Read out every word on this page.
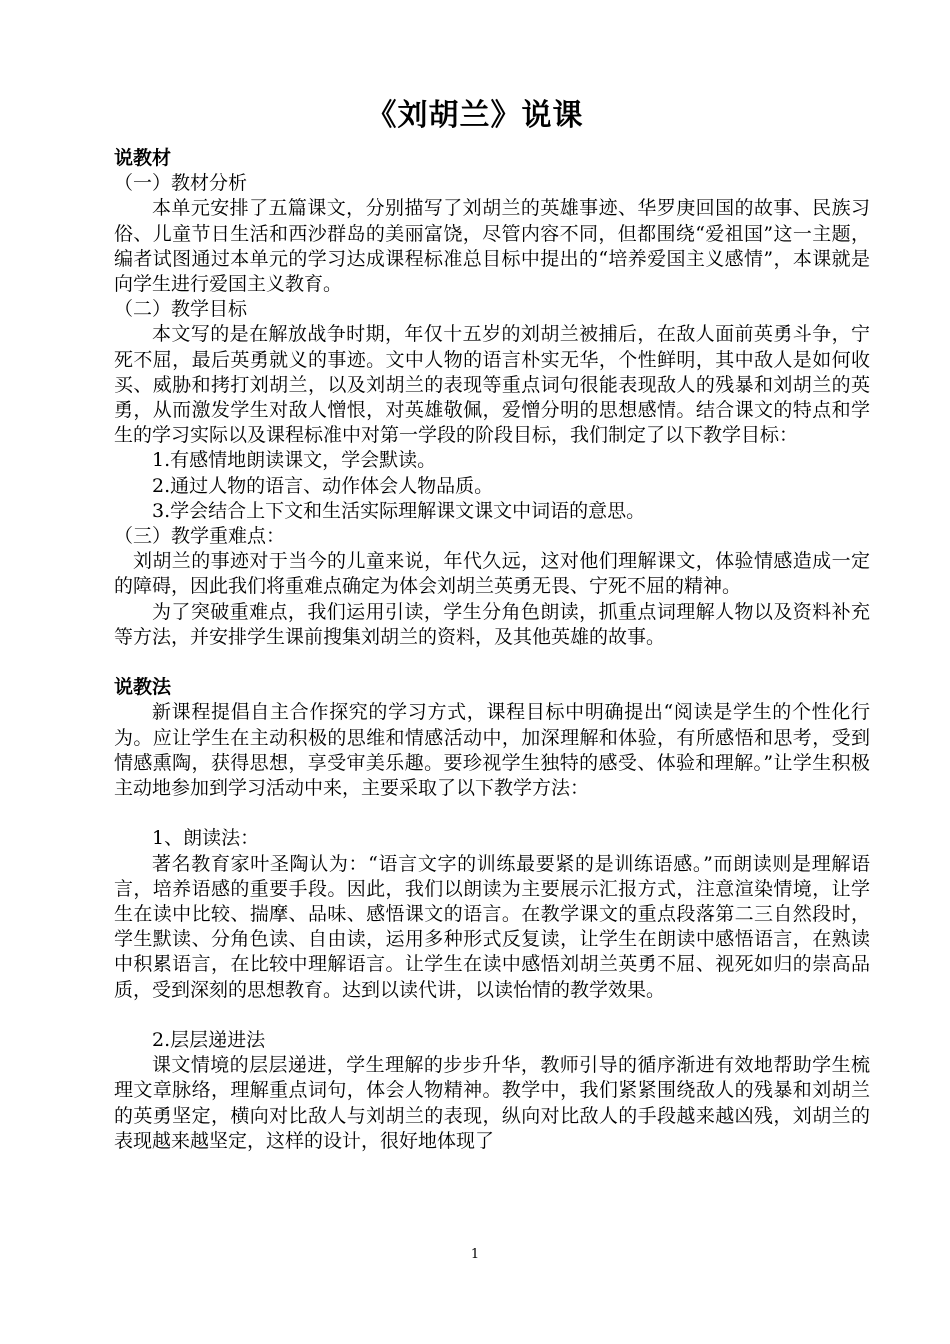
《刘胡兰》说课

说教材

（一）教材分析

本单元安排了五篇课文，分别描写了刘胡兰的英雄事迹、华罗庚回国的故事、民族习俗、儿童节日生活和西沙群岛的美丽富饶，尽管内容不同，但都围绕“爱祖国”这一主题，编者试图通过本单元的学习达成课程标准总目标中提出的“培养爱国主义感情”，本课就是向学生进行爱国主义教育。

（二）教学目标

本文写的是在解放战争时期，年仅十五岁的刘胡兰被捕后，在敌人面前英勇斗争，宁死不屈，最后英勇就义的事迹。文中人物的语言朴实无华，个性鲜明，其中敌人是如何收买、威胁和拷打刘胡兰，以及刘胡兰的表现等重点词句很能表现敌人的残暴和刘胡兰的英勇，从而激发学生对敌人憎恨，对英雄敬佩，爱憎分明的思想感情。结合课文的特点和学生的学习实际以及课程标准中对第一学段的阶段目标，我们制定了以下教学目标：

1.有感情地朗读课文，学会默读。

2.通过人物的语言、动作体会人物品质。

3.学会结合上下文和生活实际理解课文课文中词语的意思。

（三）教学重难点：

刘胡兰的事迹对于当今的儿童来说，年代久远，这对他们理解课文，体验情感造成一定的障碍，因此我们将重难点确定为体会刘胡兰英勇无畏、宁死不屈的精神。

为了突破重难点，我们运用引读，学生分角色朗读，抓重点词理解人物以及资料补充等方法，并安排学生课前搜集刘胡兰的资料，及其他英雄的故事。

说教法

新课程提倡自主合作探究的学习方式，课程目标中明确提出“阅读是学生的个性化行为。应让学生在主动积极的思维和情感活动中，加深理解和体验，有所感悟和思考，受到情感熏陶，获得思想，享受审美乐趣。要珍视学生独特的感受、体验和理解。”让学生积极主动地参加到学习活动中来，主要采取了以下教学方法：

1、朗读法：

著名教育家叶圣陶认为：“语言文字的训练最要紧的是训练语感。”而朗读则是理解语言，培养语感的重要手段。因此，我们以朗读为主要展示汇报方式，注意渲染情境，让学生在读中比较、揣摩、品味、感悟课文的语言。在教学课文的重点段落第二三自然段时，学生默读、分角色读、自由读，运用多种形式反复读，让学生在朗读中感悟语言，在熟读中积累语言，在比较中理解语言。让学生在读中感悟刘胡兰英勇不屈、视死如归的崇高品质，受到深刻的思想教育。达到以读代讲，以读怡情的教学效果。

2.层层递进法

课文情境的层层递进，学生理解的步步升华，教师引导的循序渐进有效地帮助学生梳理文章脉络，理解重点词句，体会人物精神。教学中，我们紧紧围绕敌人的残暴和刘胡兰的英勇坚定，横向对比敌人与刘胡兰的表现，纵向对比敌人的手段越来越凶残，刘胡兰的表现越来越坚定，这样的设计，很好地体现了

1
